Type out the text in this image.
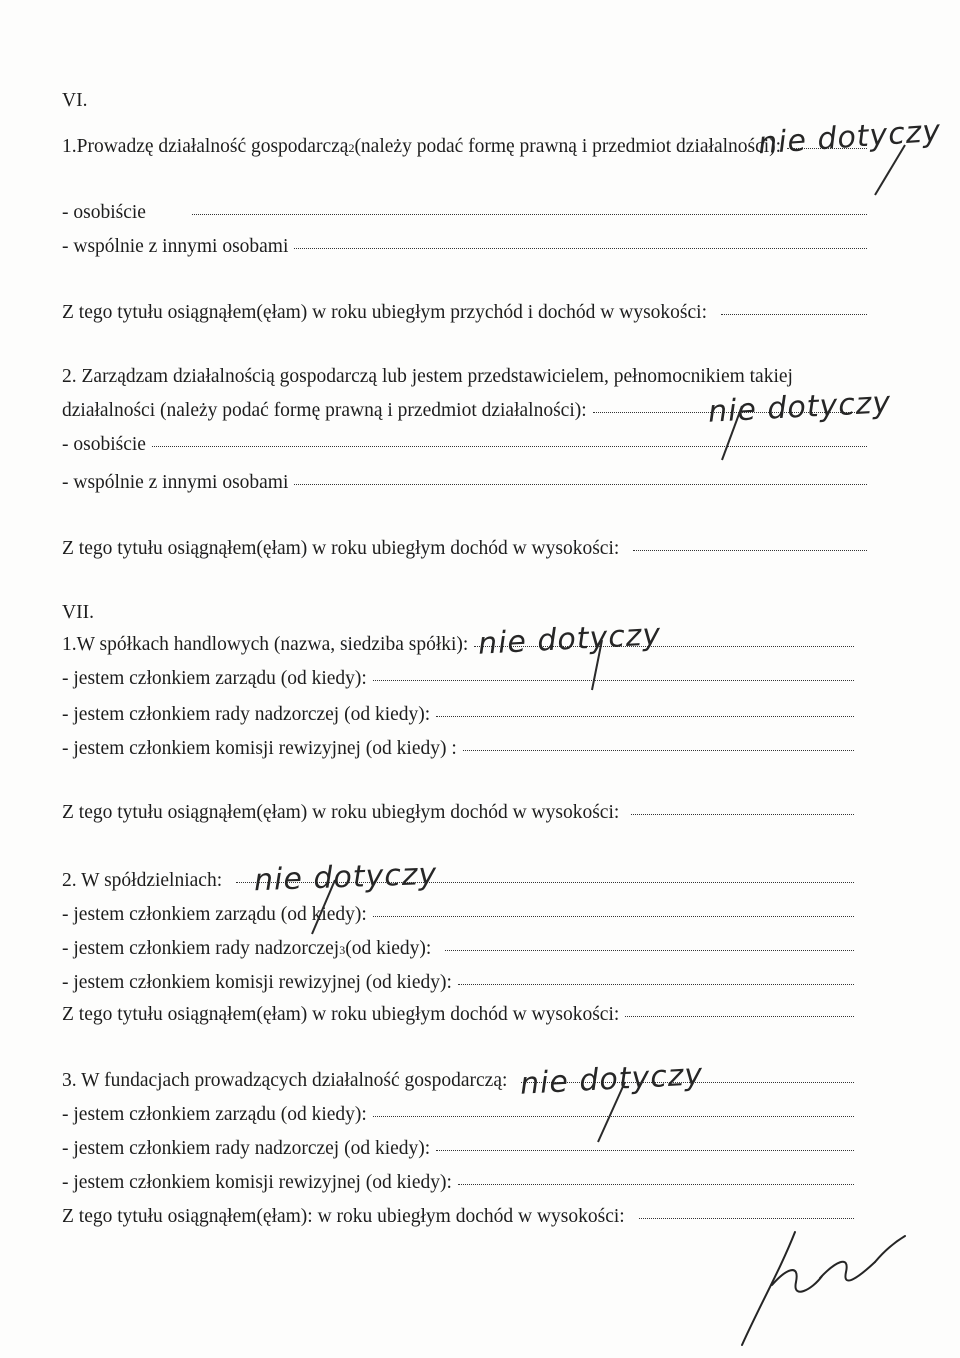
VI.
1.Prowadzę działalność gospodarczą 2 (należy podać formę prawną i przedmiot działalności):
- osobiście
- wspólnie z innymi osobami
Z tego tytułu osiągnąłem(ęłam) w roku ubiegłym przychód i dochód w wysokości:
2. Zarządzam działalnością gospodarczą lub jestem przedstawicielem, pełnomocnikiem takiej
działalności (należy podać formę prawną i przedmiot działalności):
- osobiście
- wspólnie z innymi osobami
Z tego tytułu osiągnąłem(ęłam) w roku ubiegłym dochód w wysokości:
VII.
1.W spółkach handlowych (nazwa, siedziba spółki):
- jestem członkiem zarządu (od kiedy):
- jestem członkiem rady nadzorczej (od kiedy):
- jestem członkiem komisji rewizyjnej (od kiedy) :
Z tego tytułu osiągnąłem(ęłam) w roku ubiegłym dochód w wysokości:
2. W spółdzielniach:
- jestem członkiem zarządu (od kiedy):
- jestem członkiem rady nadzorczej 3 (od kiedy):
- jestem członkiem komisji rewizyjnej (od kiedy):
Z tego tytułu osiągnąłem(ęłam) w roku ubiegłym dochód w wysokości:
3. W fundacjach prowadzących działalność gospodarczą:
- jestem członkiem zarządu (od kiedy):
- jestem członkiem rady nadzorczej (od kiedy):
- jestem członkiem komisji rewizyjnej (od kiedy):
Z tego tytułu osiągnąłem(ęłam): w roku ubiegłym dochód w wysokości:
nie dotyczy
nie dotyczy
nie dotyczy
nie dotyczy
nie dotyczy
